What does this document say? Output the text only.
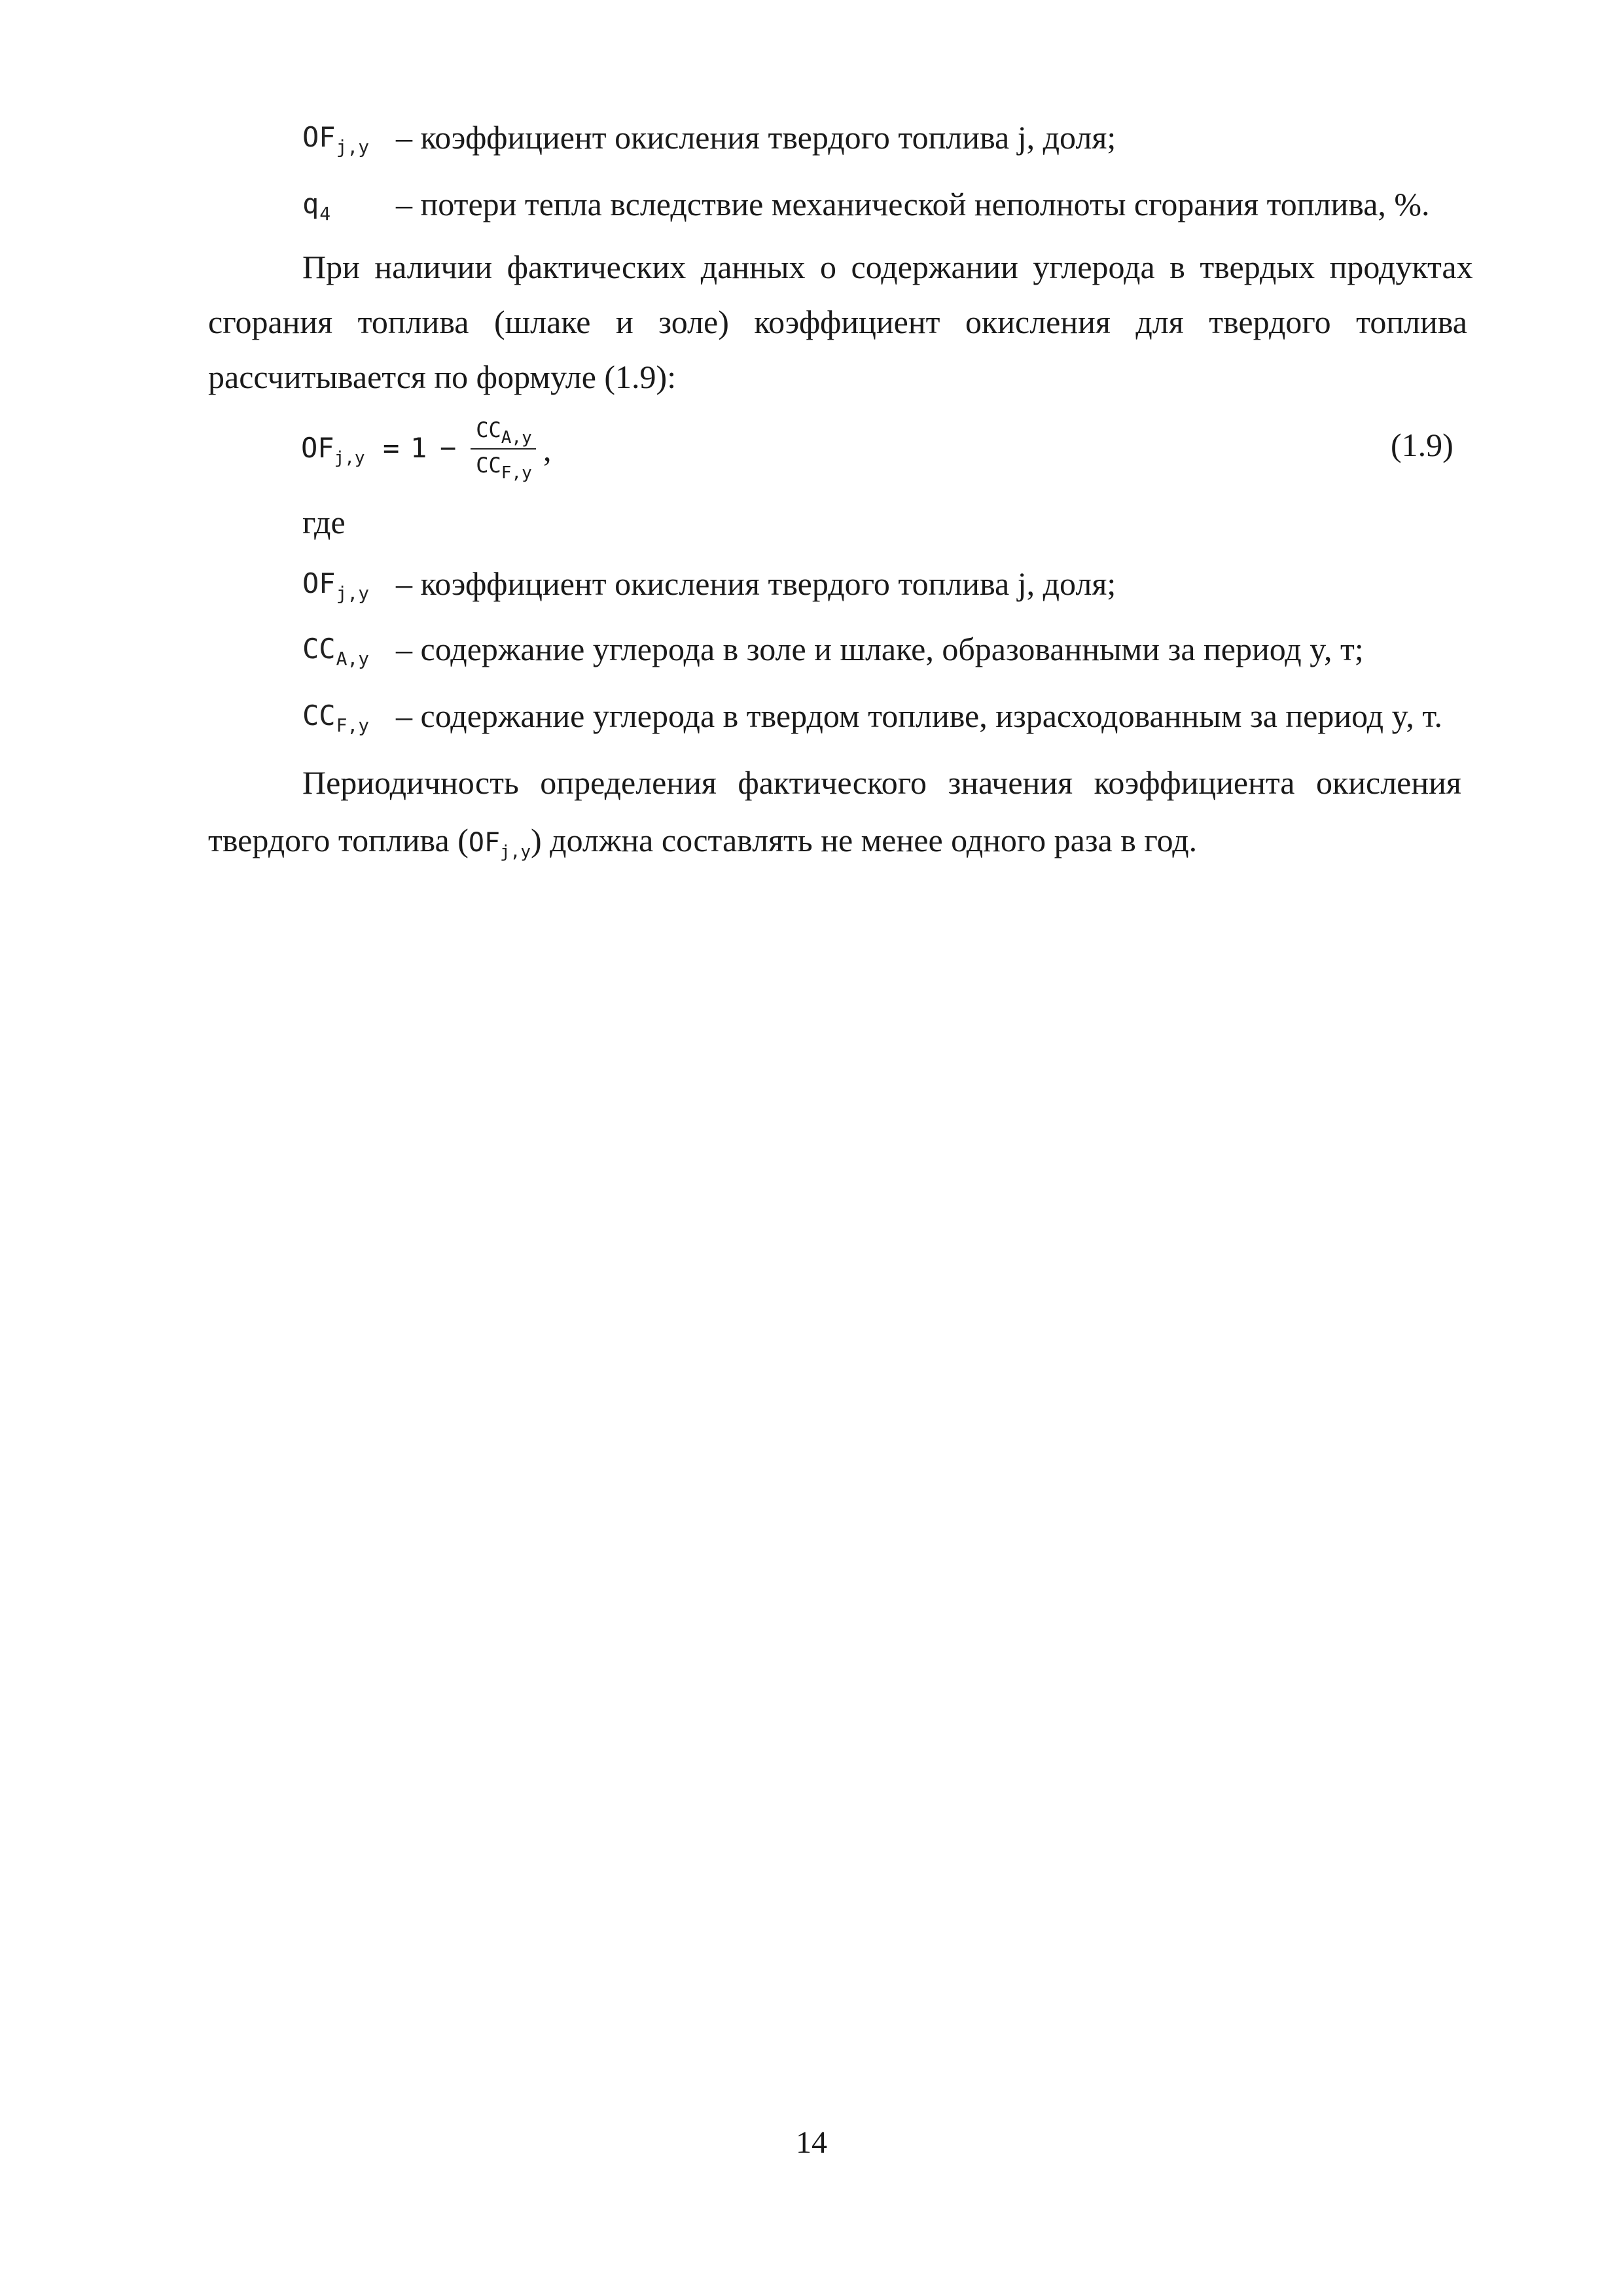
$OF_{j,y}$ – коэффициент окисления твердого топлива j, доля;
$q_4$ – потери тепла вследствие механической неполноты сгорания топлива, %.
При наличии фактических данных о содержании углерода в твердых продуктах
сгорания топлива (шлаке и золе) коэффициент окисления для твердого топлива
рассчитывается по формуле (1.9):
$OF_{j,y} = 1$ −
$CC_{A,y}$
$CC_{F,y}$
,	(1.9)
где
$OF_{j,y}$ – коэффициент окисления твердого топлива j, доля;
$CC_{A,y}$ – содержание углерода в золе и шлаке, образованными за период y, т;
$CC_{F,y}$ – содержание углерода в твердом топливе, израсходованным за период y, т.
Периодичность определения фактического значения коэффициента окисления
твердого топлива $(OF_{j,y})$ должна составлять не менее одного раза в год.
14
